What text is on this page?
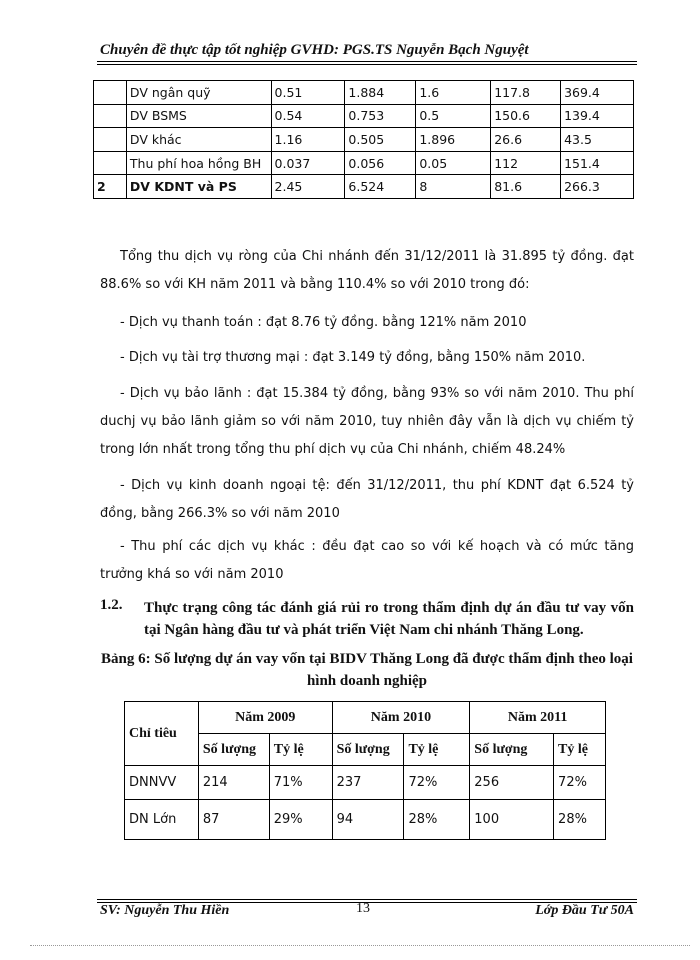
Chuyên đề thực tập tốt nghiệp GVHD: PGS.TS Nguyễn Bạch Nguyệt
	DV ngân quỹ	0.51	1.884	1.6	117.8	369.4
	DV BSMS	0.54	0.753	0.5	150.6	139.4
	DV khác	1.16	0.505	1.896	26.6	43.5
	Thu phí hoa hồng BH	0.037	0.056	0.05	112	151.4
2	DV KDNT và PS	2.45	6.524	8	81.6	266.3
Tổng thu dịch vụ ròng của Chi nhánh đến 31/12/2011 là 31.895 tỷ đồng. đạt 88.6% so với KH năm 2011 và bằng 110.4% so với 2010 trong đó:
- Dịch vụ thanh toán : đạt 8.76 tỷ đồng. bằng 121% năm 2010
- Dịch vụ tài trợ thương mại : đạt 3.149 tỷ đồng, bằng 150% năm 2010.
- Dịch vụ bảo lãnh : đạt 15.384 tỷ đồng, bằng 93% so với năm 2010. Thu phí duchj vụ bảo lãnh giảm so với năm 2010, tuy nhiên đây vẫn là dịch vụ chiếm tỷ trong lớn nhất trong tổng thu phí dịch vụ của Chi nhánh, chiếm 48.24%
- Dịch vụ kinh doanh ngoại tệ: đến 31/12/2011, thu phí KDNT đạt 6.524 tỷ đồng, bằng 266.3% so với năm 2010
- Thu phí các dịch vụ khác : đều đạt cao so với kế hoạch và có mức tăng trưởng khá so với năm 2010
1.2. Thực trạng công tác đánh giá rủi ro trong thẩm định dự án đầu tư vay vốn tại Ngân hàng đầu tư và phát triển Việt Nam chi nhánh Thăng Long.
Bảng 6: Số lượng dự án vay vốn tại BIDV Thăng Long đã được thẩm định theo loại hình doanh nghiệp
Chỉ tiêu	Năm 2009		Năm 2010		Năm 2011	
	Số lượng	Tỷ lệ	Số lượng	Tỷ lệ	Số lượng	Tỷ lệ
DNNVV	214	71%	237	72%	256	72%
DN Lớn	87	29%	94	28%	100	28%
SV: Nguyễn Thu Hiền	13	Lớp Đầu Tư 50A
